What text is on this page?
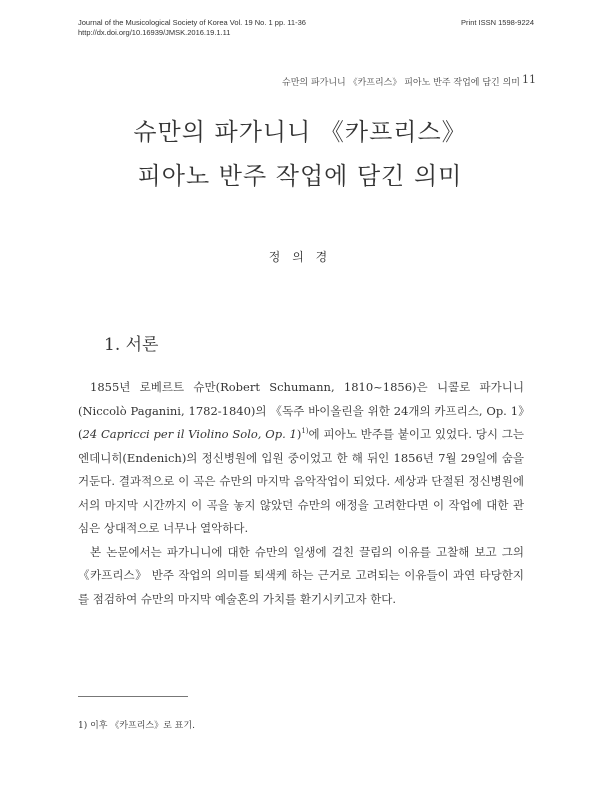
Journal of the Musicological Society of Korea Vol. 19 No. 1 pp. 11-36
http://dx.doi.org/10.16939/JMSK.2016.19.1.11
Print ISSN 1598-9224
슈만의 파가니니 《카프리스》 피아노 반주 작업에 담긴 의미 11
슈만의 파가니니 《카프리스》
피아노 반주 작업에 담긴 의미
정 의 경
1. 서론

1855년 로베르트 슈만(Robert Schumann, 1810~1856)은 니콜로 파가니니(Niccolò Paganini, 1782-1840)의 《독주 바이올린을 위한 24개의 카프리스, Op. 1》(24 Capricci per il Violino Solo, Op. 1)$^{1)}$에 피아노 반주를 붙이고 있었다. 당시 그는 엔데니히(Endenich)의 정신병원에 입원 중이었고 한 해 뒤인 1856년 7월 29일에 숨을 거둔다. 결과적으로 이 곡은 슈만의 마지막 음악작업이 되었다. 세상과 단절된 정신병원에서의 마지막 시간까지 이 곡을 놓지 않았던 슈만의 애정을 고려한다면 이 작업에 대한 관심은 상대적으로 너무나 열악하다.

본 논문에서는 파가니니에 대한 슈만의 일생에 걸친 끌림의 이유를 고찰해 보고 그의 《카프리스》 반주 작업의 의미를 퇴색케 하는 근거로 고려되는 이유들이 과연 타당한지를 점검하여 슈만의 마지막 예술혼의 가치를 환기시키고자 한다.

1) 이후 《카프리스》로 표기.
